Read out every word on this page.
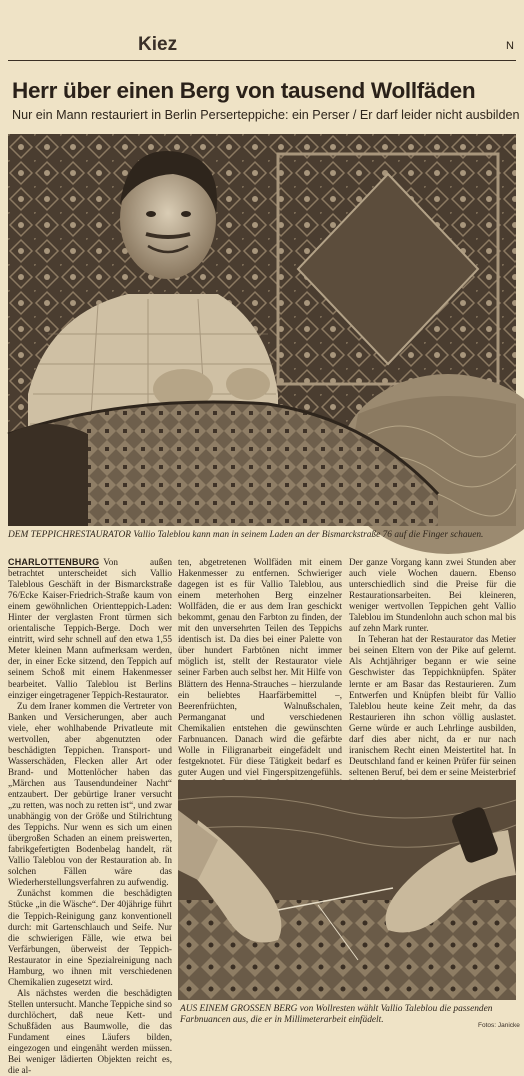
Kiez	N
Herr über einen Berg von tausend Wollfäden
Nur ein Mann restauriert in Berlin Perserteppiche: ein Perser / Er darf leider nicht ausbilden
DEM TEPPICHRESTAURATOR Vallio Taleblou kann man in seinem Laden an der Bismarckstraße 76 auf die Finger schauen.

CHARLOTTENBURG Von außen betrachtet unterscheidet sich Vallio Taleblous Geschäft in der Bismarckstraße 76/Ecke Kaiser-Friedrich-Straße kaum von einem gewöhnlichen Orientteppich-Laden: Hinter der verglasten Front türmen sich orientalische Teppich-Berge. Doch wer eintritt, wird sehr schnell auf den etwa 1,55 Meter kleinen Mann aufmerksam werden, der, in einer Ecke sitzend, den Teppich auf seinem Schoß mit einem Hakenmesser bearbeitet. Vallio Taleblou ist Berlins einziger eingetragener Teppich-Restaurator.

Zu dem Iraner kommen die Vertreter von Banken und Versicherungen, aber auch viele, eher wohlhabende Privatleute mit wertvollen, aber abgenutzten oder beschädigten Teppichen. Transport- und Wasserschäden, Flecken aller Art oder Brand- und Mottenlöcher haben das „Märchen aus Tausendundeiner Nacht“ entzaubert. Der gebürtige Iraner versucht „zu retten, was noch zu retten ist“, und zwar unabhängig von der Größe und Stilrichtung des Teppichs. Nur wenn es sich um einen übergroßen Schaden an einem preiswerten, fabrikgefertigten Bodenbelag handelt, rät Vallio Taleblou von der Restauration ab. In solchen Fällen wäre das Wiederherstellungsverfahren zu aufwendig.

Zunächst kommen die beschädigten Stücke „in die Wäsche“. Der 40jährige führt die Teppich-Reinigung ganz konventionell durch: mit Gartenschlauch und Seife. Nur die schwierigen Fälle, wie etwa bei Verfärbungen, überweist der Teppich-Restaurator in eine Spezialreinigung nach Hamburg, wo ihnen mit verschiedenen Chemikalien zugesetzt wird.

Als nächstes werden die beschädigten Stellen untersucht. Manche Teppiche sind so durchlöchert, daß neue Kett- und Schußfäden aus Baumwolle, die das Fundament eines Läufers bilden, eingezogen und eingenäht werden müssen. Bei weniger lädierten Objekten reicht es, die al-

ten, abgetretenen Wollfäden mit einem Hakenmesser zu entfernen. Schwieriger dagegen ist es für Vallio Taleblou, aus einem meterhohen Berg einzelner Wollfäden, die er aus dem Iran geschickt bekommt, genau den Farbton zu finden, der mit den unversehrten Teilen des Teppichs identisch ist. Da dies bei einer Palette von über hundert Farbtönen nicht immer möglich ist, stellt der Restaurator viele seiner Farben auch selbst her. Mit Hilfe von Blättern des Henna-Strauches – hierzulande ein beliebtes Haarfärbemittel –, Beerenfrüchten, Walnußschalen, Permanganat und verschiedenen Chemikalien entstehen die gewünschten Farbnuancen. Danach wird die gefärbte Wolle in Filigranarbeit eingefädelt und festgeknotet. Für diese Tätigkeit bedarf es guter Augen und viel Fingerspitzengefühls.

Der ganze Vorgang kann zwei Stunden aber auch viele Wochen dauern. Ebenso unterschiedlich sind die Preise für die Restaurationsarbeiten. Bei kleineren, weniger wertvollen Teppichen geht Vallio Taleblou im Stundenlohn auch schon mal bis auf zehn Mark runter.

In Teheran hat der Restaurator das Metier bei seinen Eltern von der Pike auf gelernt. Als Achtjähriger begann er wie seine Geschwister das Teppichknüpfen. Später lernte er am Basar das Restaurieren. Zum Entwerfen und Knüpfen bleibt für Vallio Taleblou heute keine Zeit mehr, da das Restaurieren ihn schon völlig auslastet. Gerne würde er auch Lehrlinge ausbilden, darf dies aber nicht, da er nur nach iranischem Recht einen Meistertitel hat. In Deutschland fand er keinen Prüfer für seinen seltenen Beruf, bei dem er seine Meisterbrief

AUS EINEM GROSSEN BERG von Wollresten wählt Vallio Taleblou die passenden Farbnuancen aus, die er in Millimeterarbeit einfädelt.
Fotos: Janicke
